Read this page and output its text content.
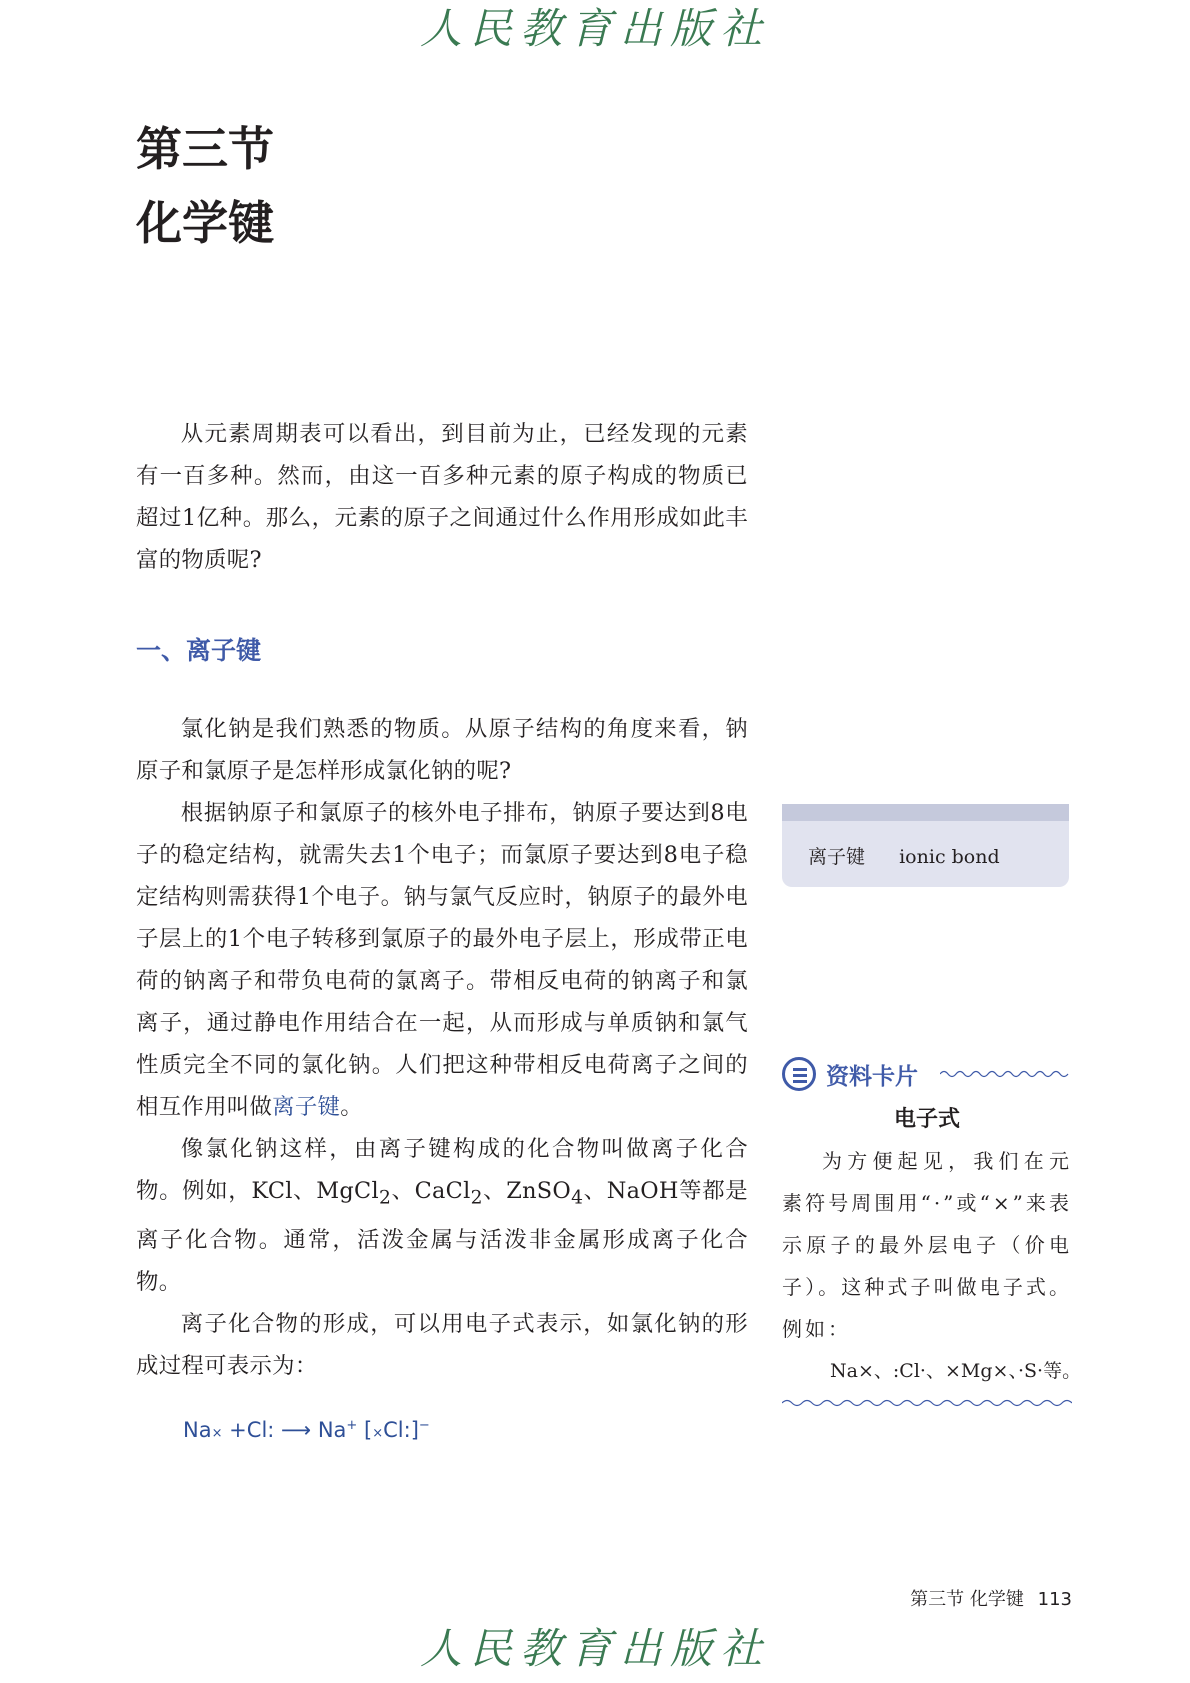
人民教育出版社
第三节
化学键

从元素周期表可以看出，到目前为止，已经发现的元素有一百多种。然而，由这一百多种元素的原子构成的物质已超过1亿种。那么，元素的原子之间通过什么作用形成如此丰富的物质呢?

一、离子键

氯化钠是我们熟悉的物质。从原子结构的角度来看，钠原子和氯原子是怎样形成氯化钠的呢?

根据钠原子和氯原子的核外电子排布，钠原子要达到8电子的稳定结构，就需失去1个电子；而氯原子要达到8电子稳定结构则需获得1个电子。钠与氯气反应时，钠原子的最外电子层上的1个电子转移到氯原子的最外电子层上，形成带正电荷的钠离子和带负电荷的氯离子。带相反电荷的钠离子和氯离子，通过静电作用结合在一起，从而形成与单质钠和氯气性质完全不同的氯化钠。人们把这种带相反电荷离子之间的相互作用叫做离子键。

像氯化钠这样，由离子键构成的化合物叫做离子化合物。例如，KCl、MgCl$_2$、CaCl$_2$、ZnSO$_4$、NaOH等都是离子化合物。通常，活泼金属与活泼非金属形成离子化合物。

离子化合物的形成，可以用电子式表示，如氯化钠的形成过程可表示为：

Na× +Cl: ⟶ Na+ [×Cl:]−
离子键 ionic bond
资料卡片
电子式

为方便起见，我们在元素符号周围用“·”或“×”来表示原子的最外层电子（价电子）。这种式子叫做电子式。例如：

Na×、:Cl·、×Mg×、·S·等。
第三节 化学键 113
人民教育出版社
